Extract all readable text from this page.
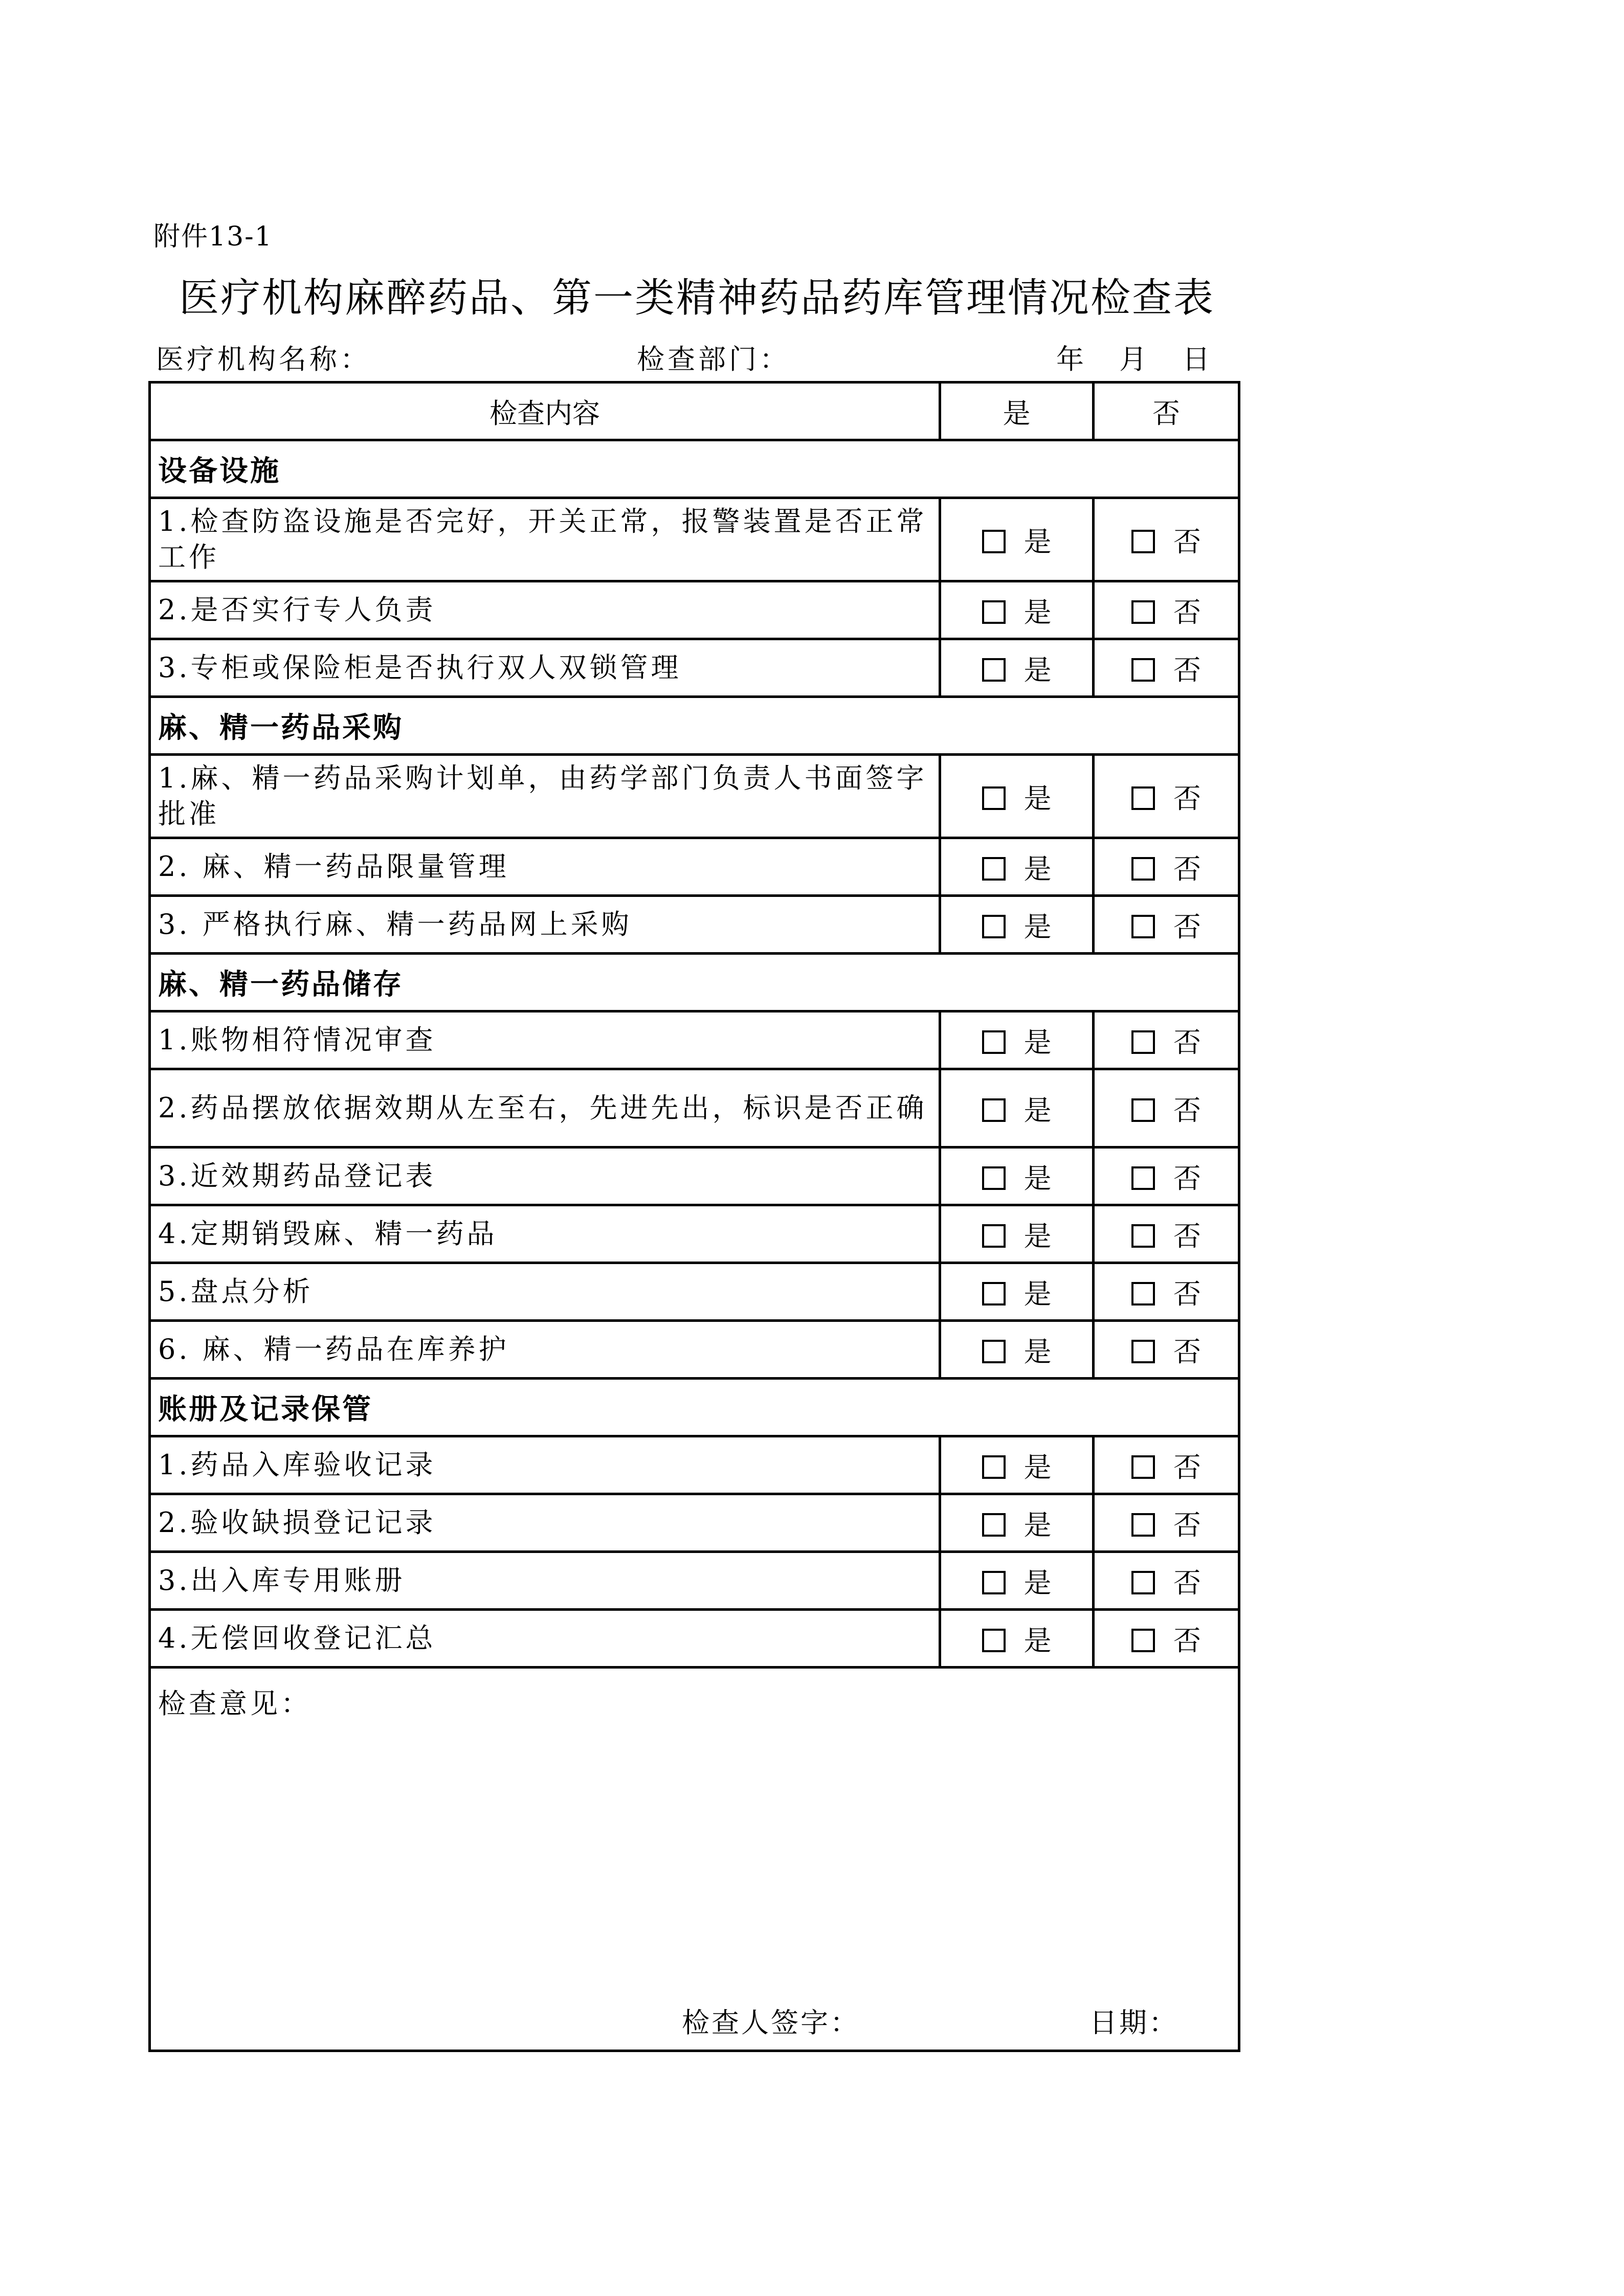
附件13-1
医疗机构麻醉药品、第一类精神药品药库管理情况检查表
医疗机构名称：	检查部门：	年 月 日
检查内容	是	否
设备设施		
1.检查防盗设施是否完好，开关正常，报警装置是否正常工作	是	否
2.是否实行专人负责	是	否
3.专柜或保险柜是否执行双人双锁管理	是	否
麻、精一药品采购		
1.麻、精一药品采购计划单，由药学部门负责人书面签字批准	是	否
2. 麻、精一药品限量管理	是	否
3. 严格执行麻、精一药品网上采购	是	否
麻、精一药品储存		
1.账物相符情况审查	是	否
2.药品摆放依据效期从左至右，先进先出，标识是否正确	是	否
3.近效期药品登记表	是	否
4.定期销毁麻、精一药品	是	否
5.盘点分析	是	否
6. 麻、精一药品在库养护	是	否
账册及记录保管		
1.药品入库验收记录	是	否
2.验收缺损登记记录	是	否
3.出入库专用账册	是	否
4.无偿回收登记汇总	是	否

检查意见：
检查人签字： 日期：		
